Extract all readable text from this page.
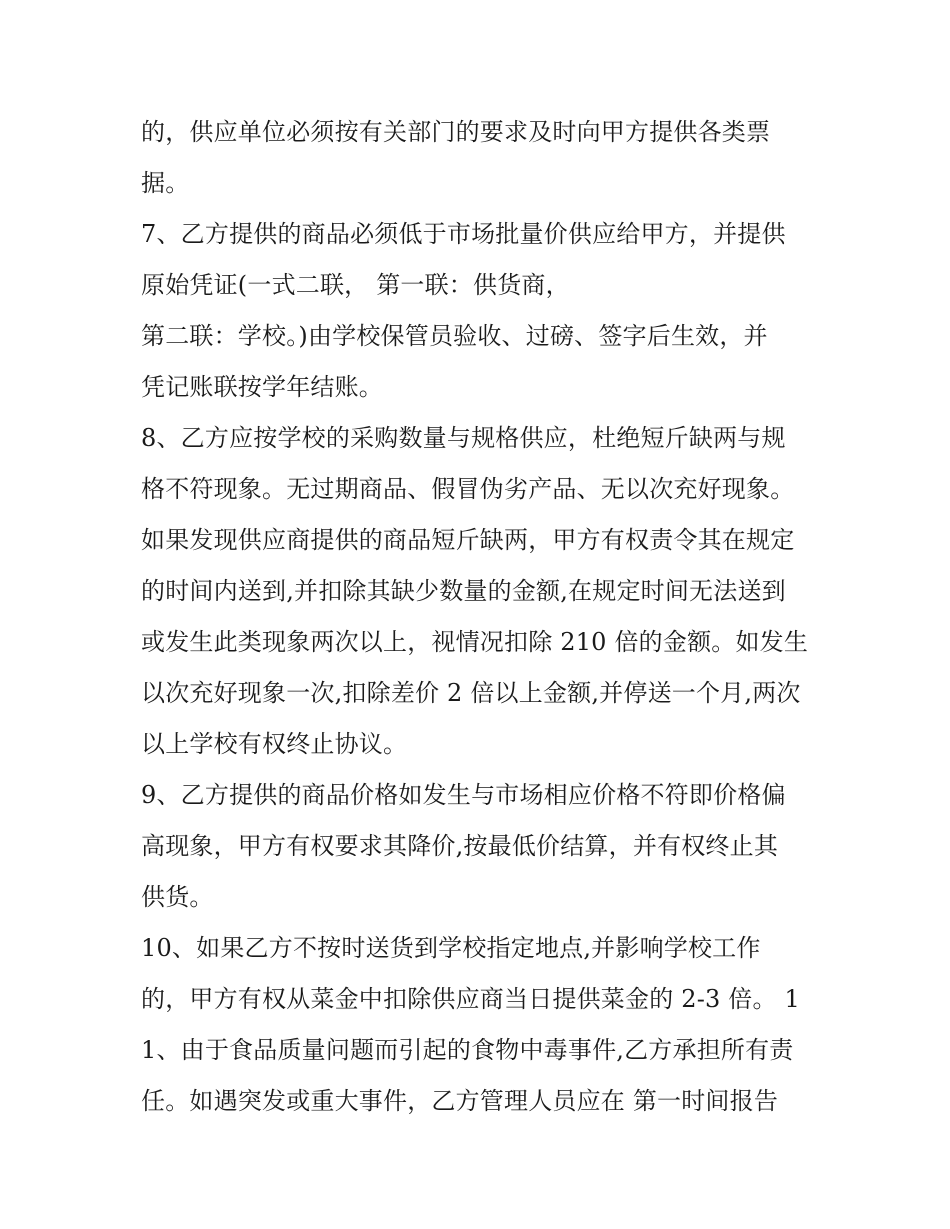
的，供应单位必须按有关部门的要求及时向甲方提供各类票
据。
7、乙方提供的商品必须低于市场批量价供应给甲方，并提供
原始凭证(一式二联， 第一联：供货商，
第二联：学校。)由学校保管员验收、过磅、签字后生效，并
凭记账联按学年结账。
8、乙方应按学校的采购数量与规格供应，杜绝短斤缺两与规
格不符现象。无过期商品、假冒伪劣产品、无以次充好现象。
如果发现供应商提供的商品短斤缺两，甲方有权责令其在规定
的时间内送到,并扣除其缺少数量的金额,在规定时间无法送到
或发生此类现象两次以上，视情况扣除 210 倍的金额。如发生
以次充好现象一次,扣除差价 2 倍以上金额,并停送一个月,两次
以上学校有权终止协议。
9、乙方提供的商品价格如发生与市场相应价格不符即价格偏
高现象，甲方有权要求其降价,按最低价结算，并有权终止其
供货。
10、如果乙方不按时送货到学校指定地点,并影响学校工作
的，甲方有权从菜金中扣除供应商当日提供菜金的 2-3 倍。 1
1、由于食品质量问题而引起的食物中毒事件,乙方承担所有责
任。如遇突发或重大事件，乙方管理人员应在 第一时间报告
